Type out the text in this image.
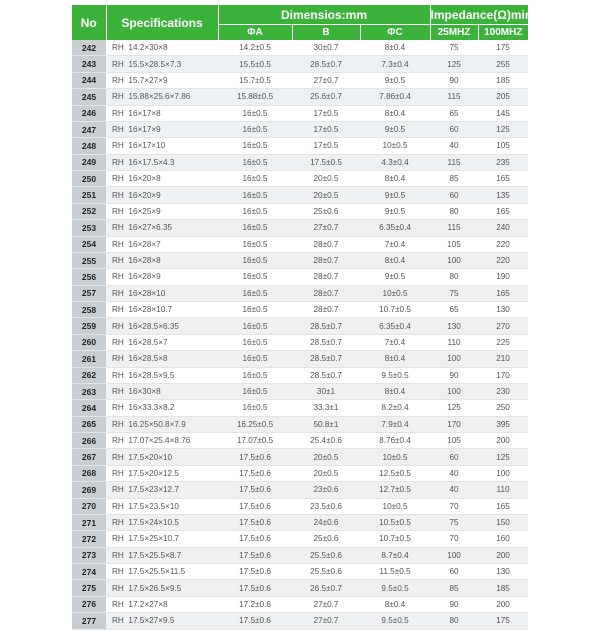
No	Specifications	Dimensios:mm			Impedance(Ω)min	
		ΦA	B	ΦC	25MHZ	100MHZ
242	RH 14.2×30×8	14.2±0.5	30±0.7	8±0.4	75	175
243	RH 15.5×28.5×7.3	15.5±0.5	28.5±0.7	7.3±0.4	125	255
244	RH 15.7×27×9	15.7±0.5	27±0.7	9±0.5	90	185
245	RH 15.88×25.6×7.86	15.88±0.5	25.6±0.7	7.86±0.4	115	205
246	RH 16×17×8	16±0.5	17±0.5	8±0.4	65	145
247	RH 16×17×9	16±0.5	17±0.5	9±0.5	60	125
248	RH 16×17×10	16±0.5	17±0.5	10±0.5	40	105
249	RH 16×17.5×4.3	16±0.5	17.5±0.5	4.3±0.4	115	235
250	RH 16×20×8	16±0.5	20±0.5	8±0.4	85	165
251	RH 16×20×9	16±0.5	20±0.5	9±0.5	60	135
252	RH 16×25×9	16±0.5	25±0.6	9±0.5	80	165
253	RH 16×27×6.35	16±0.5	27±0.7	6.35±0.4	115	240
254	RH 16×28×7	16±0.5	28±0.7	7±0.4	105	220
255	RH 16×28×8	16±0.5	28±0.7	8±0.4	100	220
256	RH 16×28×9	16±0.5	28±0.7	9±0.5	80	190
257	RH 16×28×10	16±0.5	28±0.7	10±0.5	75	165
258	RH 16×28×10.7	16±0.5	28±0.7	10.7±0.5	65	130
259	RH 16×28.5×6.35	16±0.5	28.5±0.7	6.35±0.4	130	270
260	RH 16×28.5×7	16±0.5	28.5±0.7	7±0.4	110	225
261	RH 16×28.5×8	16±0.5	28.5±0.7	8±0.4	100	210
262	RH 16×28.5×9.5	16±0.5	28.5±0.7	9.5±0.5	90	170
263	RH 16×30×8	16±0.5	30±1	8±0.4	100	230
264	RH 16×33.3×8.2	16±0.5	33.3±1	8.2±0.4	125	250
265	RH 16.25×50.8×7.9	16.25±0.5	50.8±1	7.9±0.4	170	395
266	RH 17.07×25.4×8.76	17.07±0.5	25.4±0.6	8.76±0.4	105	200
267	RH 17.5×20×10	17.5±0.6	20±0.5	10±0.5	60	125
268	RH 17.5×20×12.5	17.5±0.6	20±0.5	12.5±0.5	40	100
269	RH 17.5×23×12.7	17.5±0.6	23±0.6	12.7±0.5	40	110
270	RH 17.5×23.5×10	17.5±0.6	23.5±0.6	10±0.5	70	165
271	RH 17.5×24×10.5	17.5±0.6	24±0.6	10.5±0.5	75	150
272	RH 17.5×25×10.7	17.5±0.6	25±0.6	10.7±0.5	70	160
273	RH 17.5×25.5×8.7	17.5±0.6	25.5±0.6	8.7±0.4	100	200
274	RH 17.5×25.5×11.5	17.5±0.6	25.5±0.6	11.5±0.5	60	130
275	RH 17.5×26.5×9.5	17.5±0.6	26.5±0.7	9.5±0.5	85	185
276	RH 17.2×27×8	17.2±0.6	27±0.7	8±0.4	90	200
277	RH 17.5×27×9.5	17.5±0.6	27±0.7	9.5±0.5	80	175
